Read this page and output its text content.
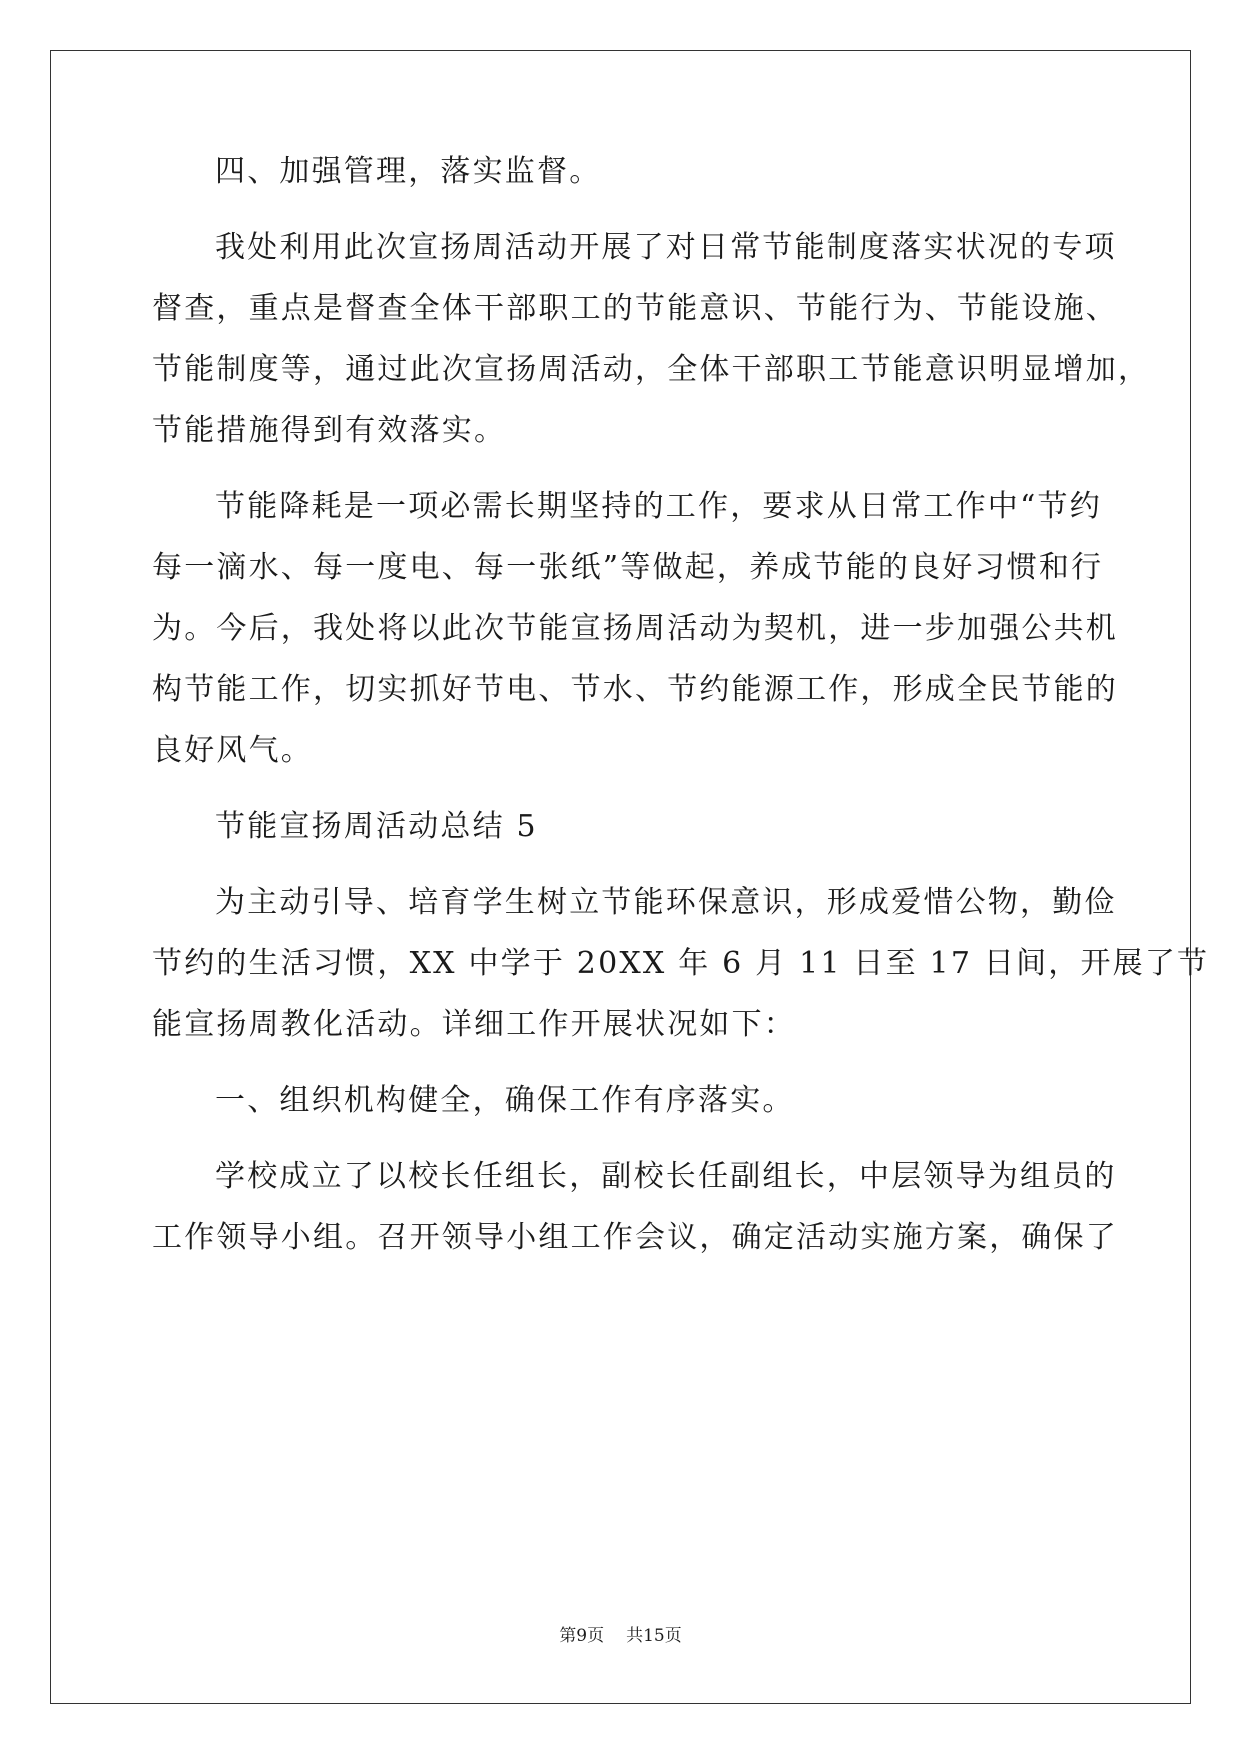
四、加强管理，落实监督。
我处利用此次宣扬周活动开展了对日常节能制度落实状况的专项
督查，重点是督查全体干部职工的节能意识、节能行为、节能设施、
节能制度等，通过此次宣扬周活动，全体干部职工节能意识明显增加，
节能措施得到有效落实。
节能降耗是一项必需长期坚持的工作，要求从日常工作中“节约
每一滴水、每一度电、每一张纸”等做起，养成节能的良好习惯和行
为。今后，我处将以此次节能宣扬周活动为契机，进一步加强公共机
构节能工作，切实抓好节电、节水、节约能源工作，形成全民节能的
良好风气。
节能宣扬周活动总结 5
为主动引导、培育学生树立节能环保意识，形成爱惜公物，勤俭
节约的生活习惯，XX 中学于 20XX 年 6 月 11 日至 17 日间，开展了节
能宣扬周教化活动。详细工作开展状况如下：
一、组织机构健全，确保工作有序落实。
学校成立了以校长任组长，副校长任副组长，中层领导为组员的
工作领导小组。召开领导小组工作会议，确定活动实施方案，确保了
第9页 共15页
